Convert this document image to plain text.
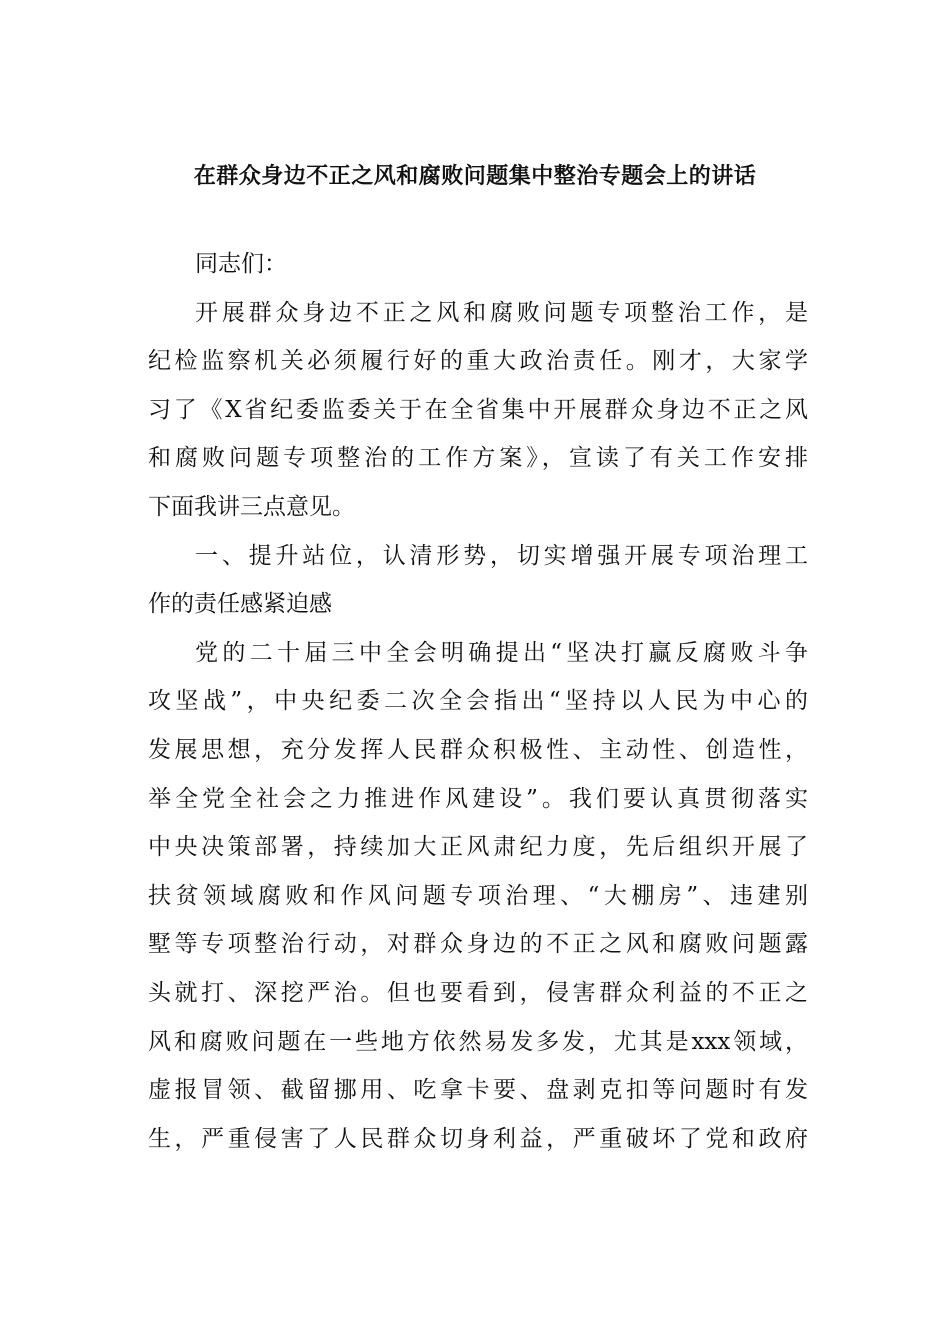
在群众身边不正之风和腐败问题集中整治专题会上的讲话
同志们：
开展群众身边不正之风和腐败问题专项整治工作，是
纪检监察机关必须履行好的重大政治责任。刚才，大家学
习了《X省纪委监委关于在全省集中开展群众身边不正之风
和腐败问题专项整治的工作方案》，宣读了有关工作安排
下面我讲三点意见。
一、提升站位，认清形势，切实增强开展专项治理工
作的责任感紧迫感
党的二十届三中全会明确提出“坚决打赢反腐败斗争
攻坚战”，中央纪委二次全会指出“坚持以人民为中心的
发展思想，充分发挥人民群众积极性、主动性、创造性，
举全党全社会之力推进作风建设”。我们要认真贯彻落实
中央决策部署，持续加大正风肃纪力度，先后组织开展了
扶贫领域腐败和作风问题专项治理、“大棚房”、违建别
墅等专项整治行动，对群众身边的不正之风和腐败问题露
头就打、深挖严治。但也要看到，侵害群众利益的不正之
风和腐败问题在一些地方依然易发多发，尤其是xxx领域，
虚报冒领、截留挪用、吃拿卡要、盘剥克扣等问题时有发
生，严重侵害了人民群众切身利益，严重破坏了党和政府
